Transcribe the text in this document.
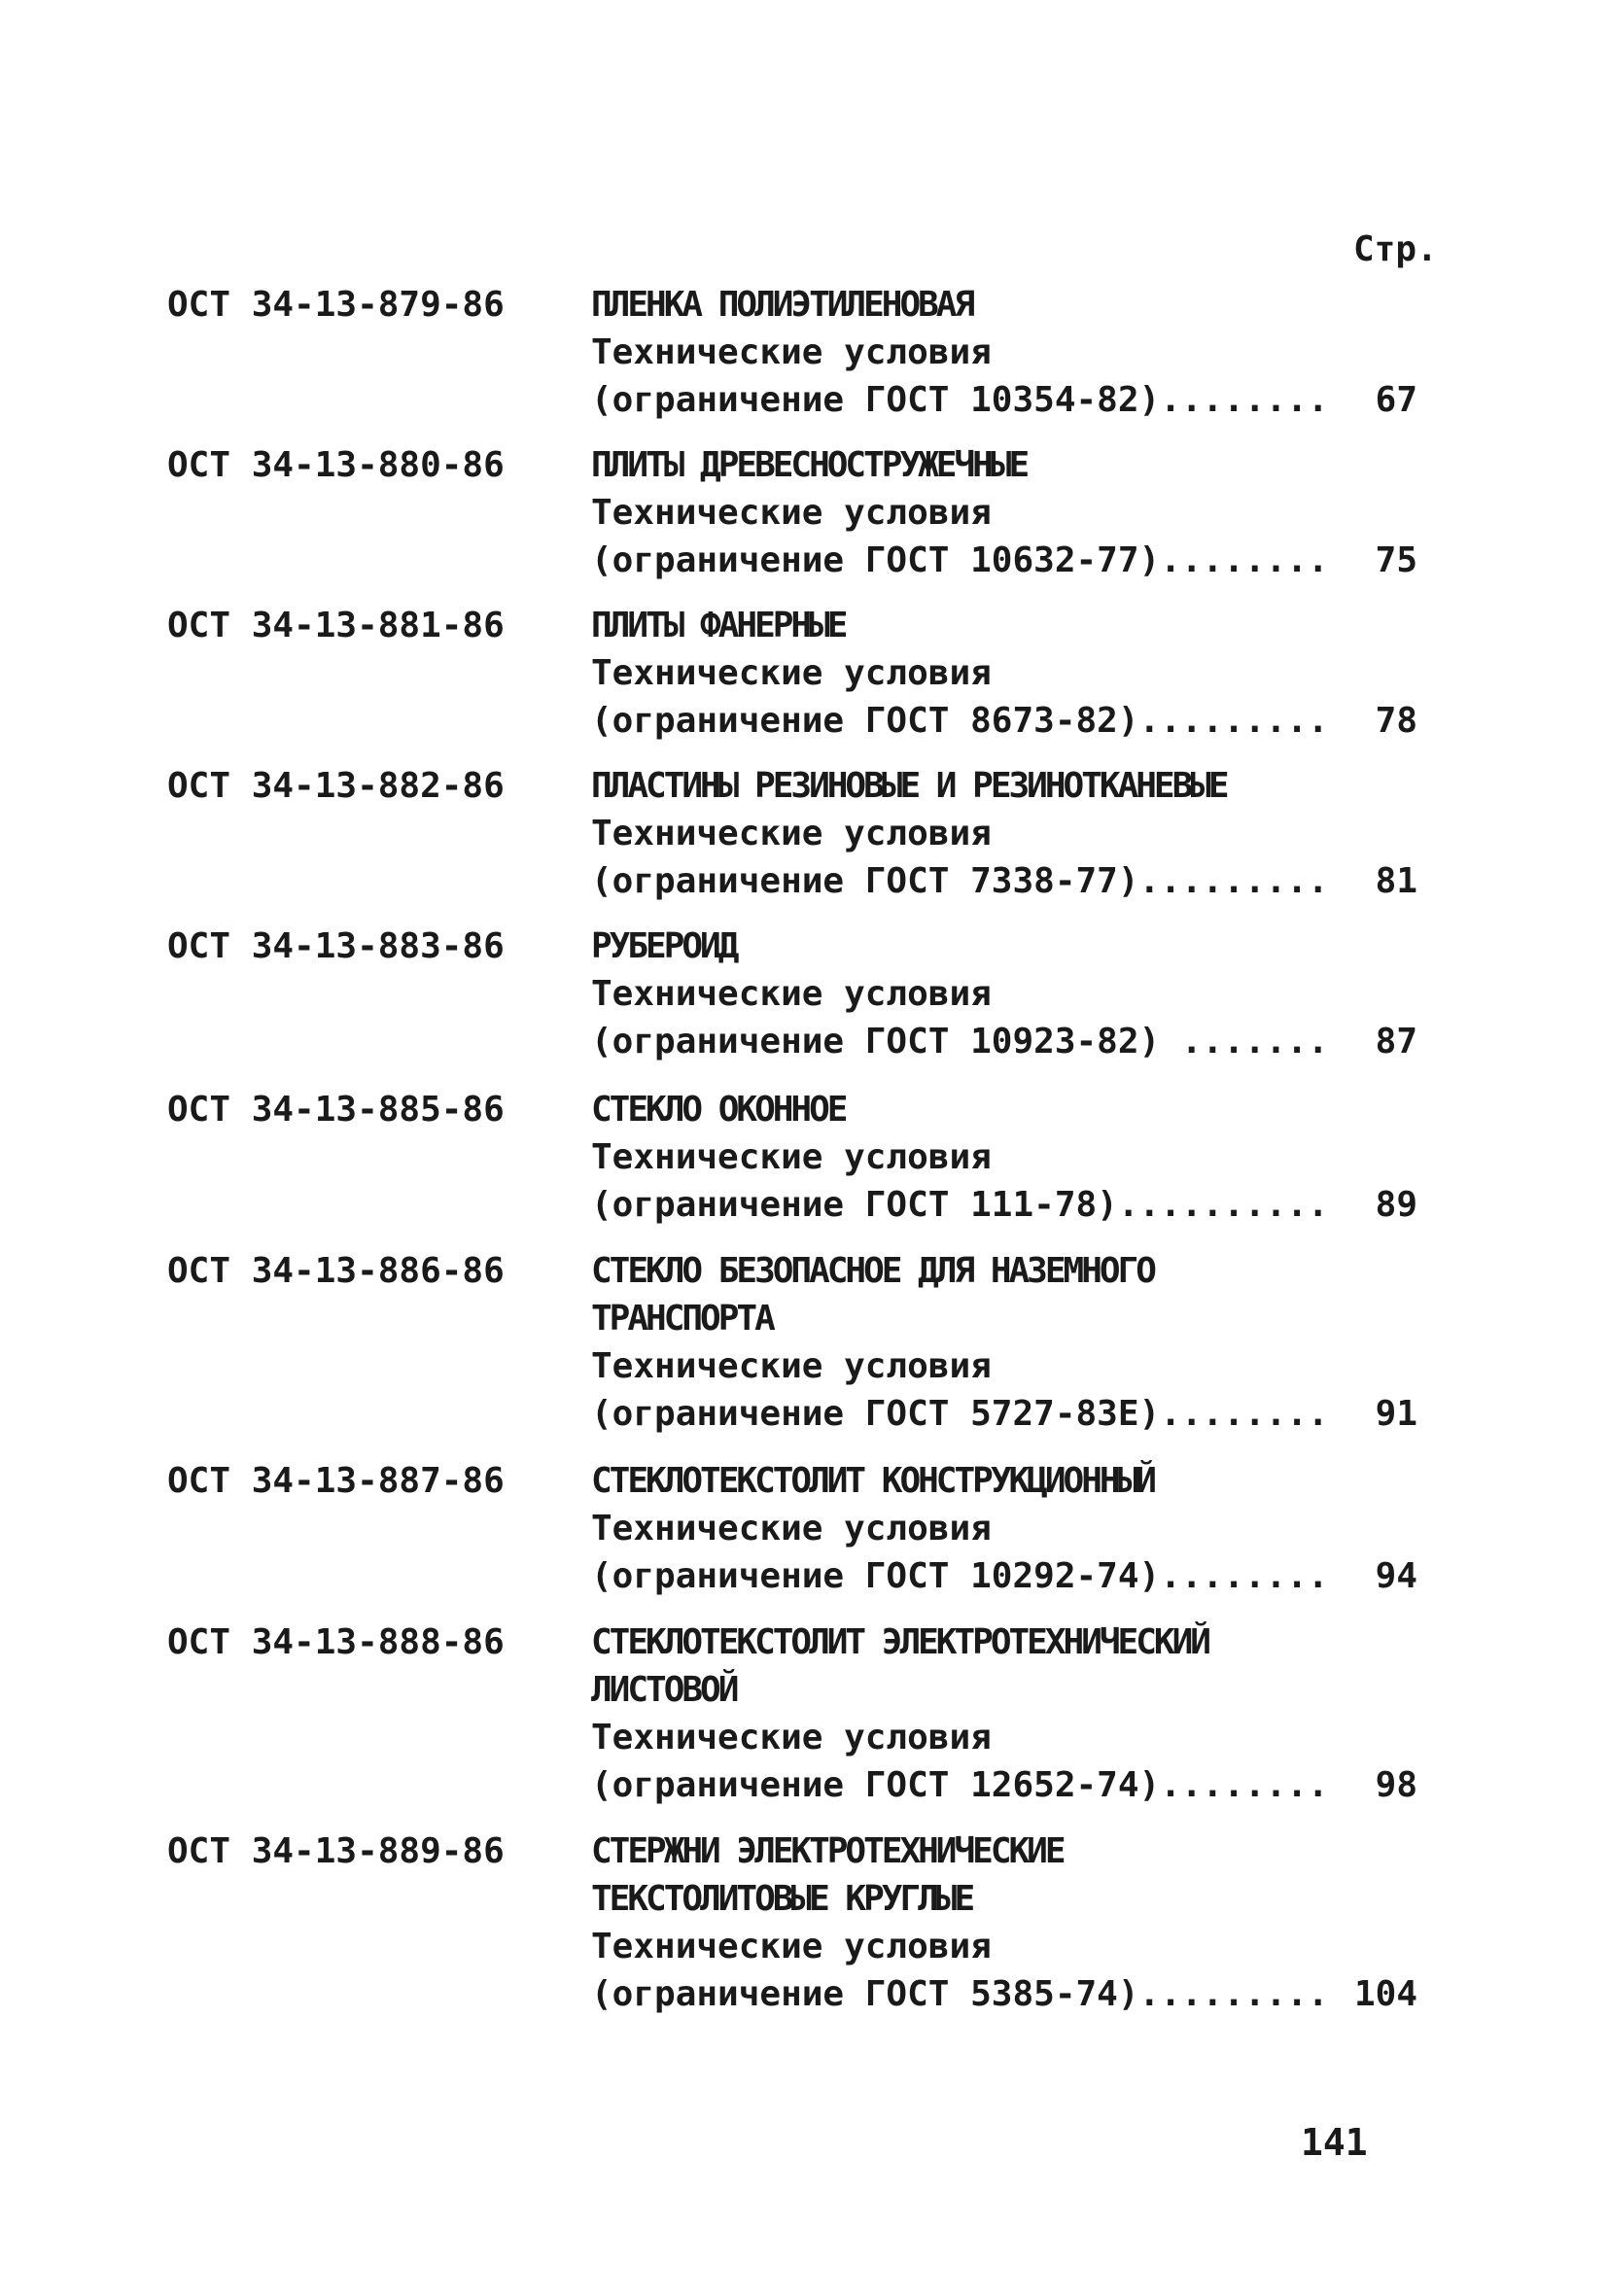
Стр.
ОСТ 34-13-879-86 ПЛЕНКА ПОЛИЭТИЛЕНОВАЯ
Технические условия
(ограничение ГОСТ 10354-82)........	67
ОСТ 34-13-880-86 ПЛИТЫ ДРЕВЕСНОСТРУЖЕЧНЫЕ
Технические условия
(ограничение ГОСТ 10632-77)........	75
ОСТ 34-13-881-86 ПЛИТЫ ФАНЕРНЫЕ
Технические условия
(ограничение ГОСТ 8673-82).........	78
ОСТ 34-13-882-86 ПЛАСТИНЫ РЕЗИНОВЫЕ И РЕЗИНОТКАНЕВЫЕ
Технические условия
(ограничение ГОСТ 7338-77).........	81
ОСТ 34-13-883-86 РУБЕРОИД
Технические условия
(ограничение ГОСТ 10923-82) .......	87
ОСТ 34-13-885-86 СТЕКЛО ОКОННОЕ
Технические условия
(ограничение ГОСТ 111-78)..........	89
ОСТ 34-13-886-86 СТЕКЛО БЕЗОПАСНОЕ ДЛЯ НАЗЕМНОГО
ТРАНСПОРТА
Технические условия
(ограничение ГОСТ 5727-83Е)........	91
ОСТ 34-13-887-86 СТЕКЛОТЕКСТОЛИТ КОНСТРУКЦИОННЫЙ
Технические условия
(ограничение ГОСТ 10292-74)........	94
ОСТ 34-13-888-86 СТЕКЛОТЕКСТОЛИТ ЭЛЕКТРОТЕХНИЧЕСКИЙ
ЛИСТОВОЙ
Технические условия
(ограничение ГОСТ 12652-74)........	98
ОСТ 34-13-889-86 СТЕРЖНИ ЭЛЕКТРОТЕХНИЧЕСКИЕ
ТЕКСТОЛИТОВЫЕ КРУГЛЫЕ
Технические условия
(ограничение ГОСТ 5385-74)......... 104
141
